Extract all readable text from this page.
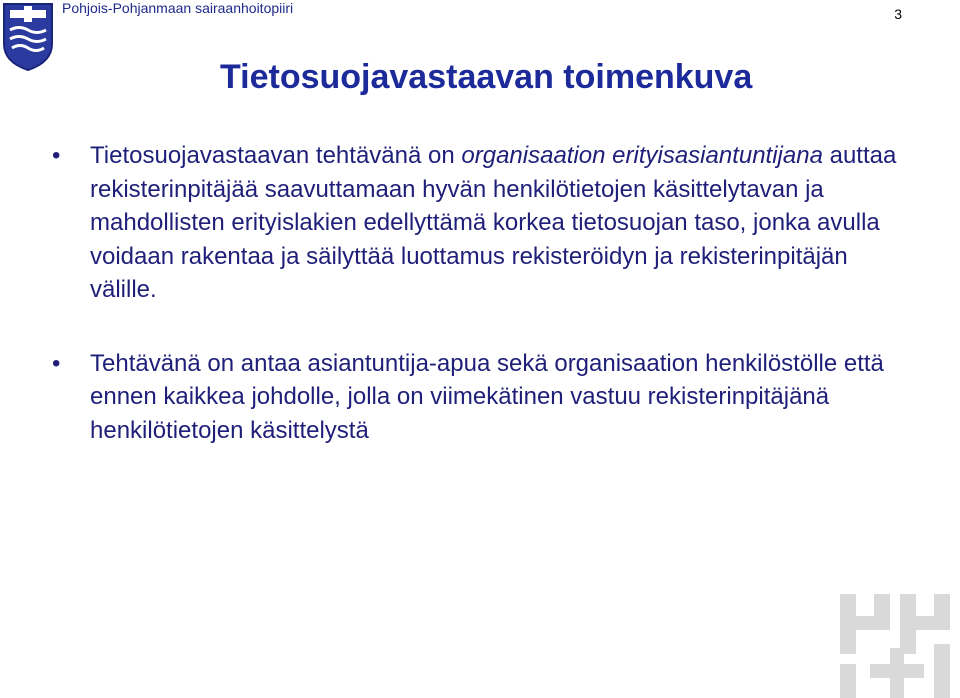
Pohjois-Pohjanmaan sairaanhoitopiiri	3
Tietosuojavastaavan toimenkuva
• Tietosuojavastaavan tehtävänä on organisaation erityisasiantuntijana auttaa rekisterinpitäjää saavuttamaan hyvän henkilötietojen käsittelytavan ja mahdollisten erityislakien edellyttämä korkea tietosuojan taso, jonka avulla voidaan rakentaa ja säilyttää luottamus rekisteröidyn ja rekisterinpitäjän välille.
• Tehtävänä on antaa asiantuntija-apua sekä organisaation henkilöstölle että ennen kaikkea johdolle, jolla on viimekätinen vastuu rekisterinpitäjänä henkilötietojen käsittelystä
